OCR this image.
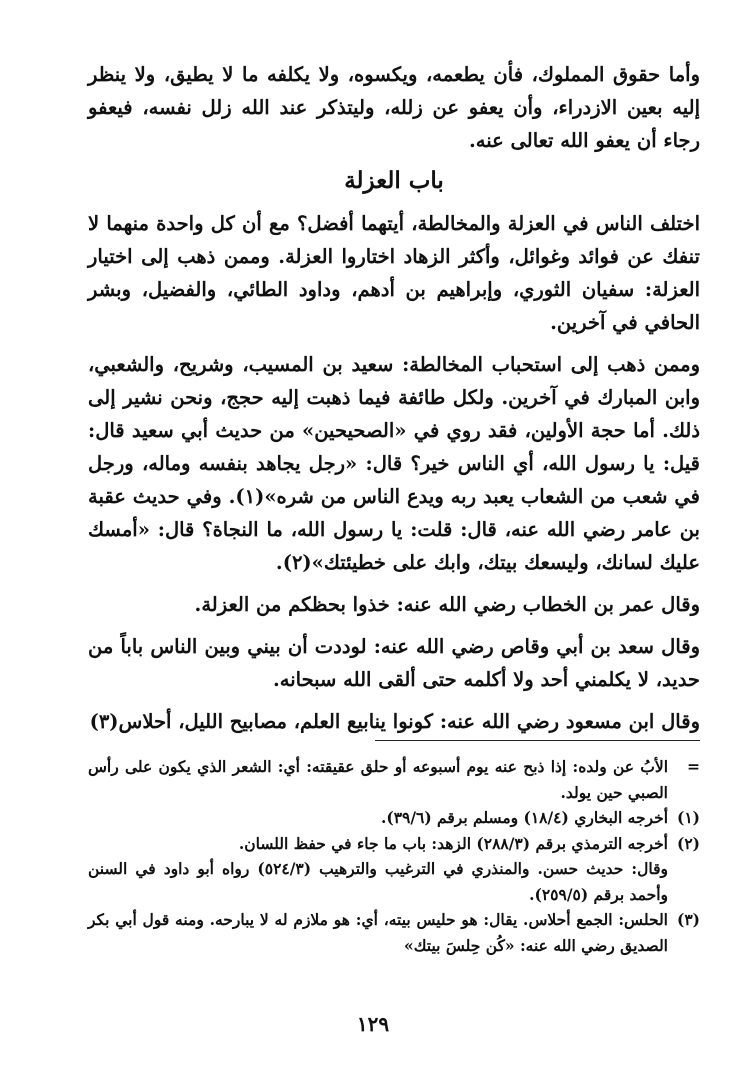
وأما حقوق المملوك، فأن يطعمه، ويكسوه، ولا يكلفه ما لا يطيق، ولا ينظر إليه بعين الازدراء، وأن يعفو عن زلله، وليتذكر عند الله زلل نفسه، فيعفو رجاء أن يعفو الله تعالى عنه.

باب العزلة

اختلف الناس في العزلة والمخالطة، أيتهما أفضل؟ مع أن كل واحدة منهما لا تنفك عن فوائد وغوائل، وأكثر الزهاد اختاروا العزلة. وممن ذهب إلى اختيار العزلة: سفيان الثوري، وإبراهيم بن أدهم، وداود الطائي، والفضيل، وبشر الحافي في آخرين.

وممن ذهب إلى استحباب المخالطة: سعيد بن المسيب، وشريح، والشعبي، وابن المبارك في آخرين. ولكل طائفة فيما ذهبت إليه حجج، ونحن نشير إلى ذلك. أما حجة الأولين، فقد روي في «الصحيحين» من حديث أبي سعيد قال: قيل: يا رسول الله، أي الناس خير؟ قال: «رجل يجاهد بنفسه وماله، ورجل في شعب من الشعاب يعبد ربه ويدع الناس من شره»(١). وفي حديث عقبة بن عامر رضي الله عنه، قال: قلت: يا رسول الله، ما النجاة؟ قال: «أمسك عليك لسانك، وليسعك بيتك، وابك على خطيئتك»(٢).

وقال عمر بن الخطاب رضي الله عنه: خذوا بحظكم من العزلة.

وقال سعد بن أبي وقاص رضي الله عنه: لوددت أن بيني وبين الناس باباً من حديد، لا يكلمني أحد ولا أكلمه حتى ألقى الله سبحانه.

وقال ابن مسعود رضي الله عنه: كونوا ينابيع العلم، مصابيح الليل، أحلاس(٣)

=
الأبُ عن ولده: إذا ذبح عنه يوم أسبوعه أو حلق عقيقته: أي: الشعر الذي يكون على رأس الصبي حين يولد.
(١)
أخرجه البخاري (١٨/٤) ومسلم برقم (٣٩/٦).
(٢)
أخرجه الترمذي برقم (٢٨٨/٣) الزهد: باب ما جاء في حفظ اللسان.
وقال: حديث حسن. والمنذري في الترغيب والترهيب (٥٢٤/٣) رواه أبو داود في السنن وأحمد برقم (٢٥٩/٥).
(٣)
الحلس: الجمع أحلاس. يقال: هو حليس بيته، أي: هو ملازم له لا يبارحه. ومنه قول أبي بكر الصديق رضي الله عنه: «كُن حِلسَ بيتك»
١٢٩
